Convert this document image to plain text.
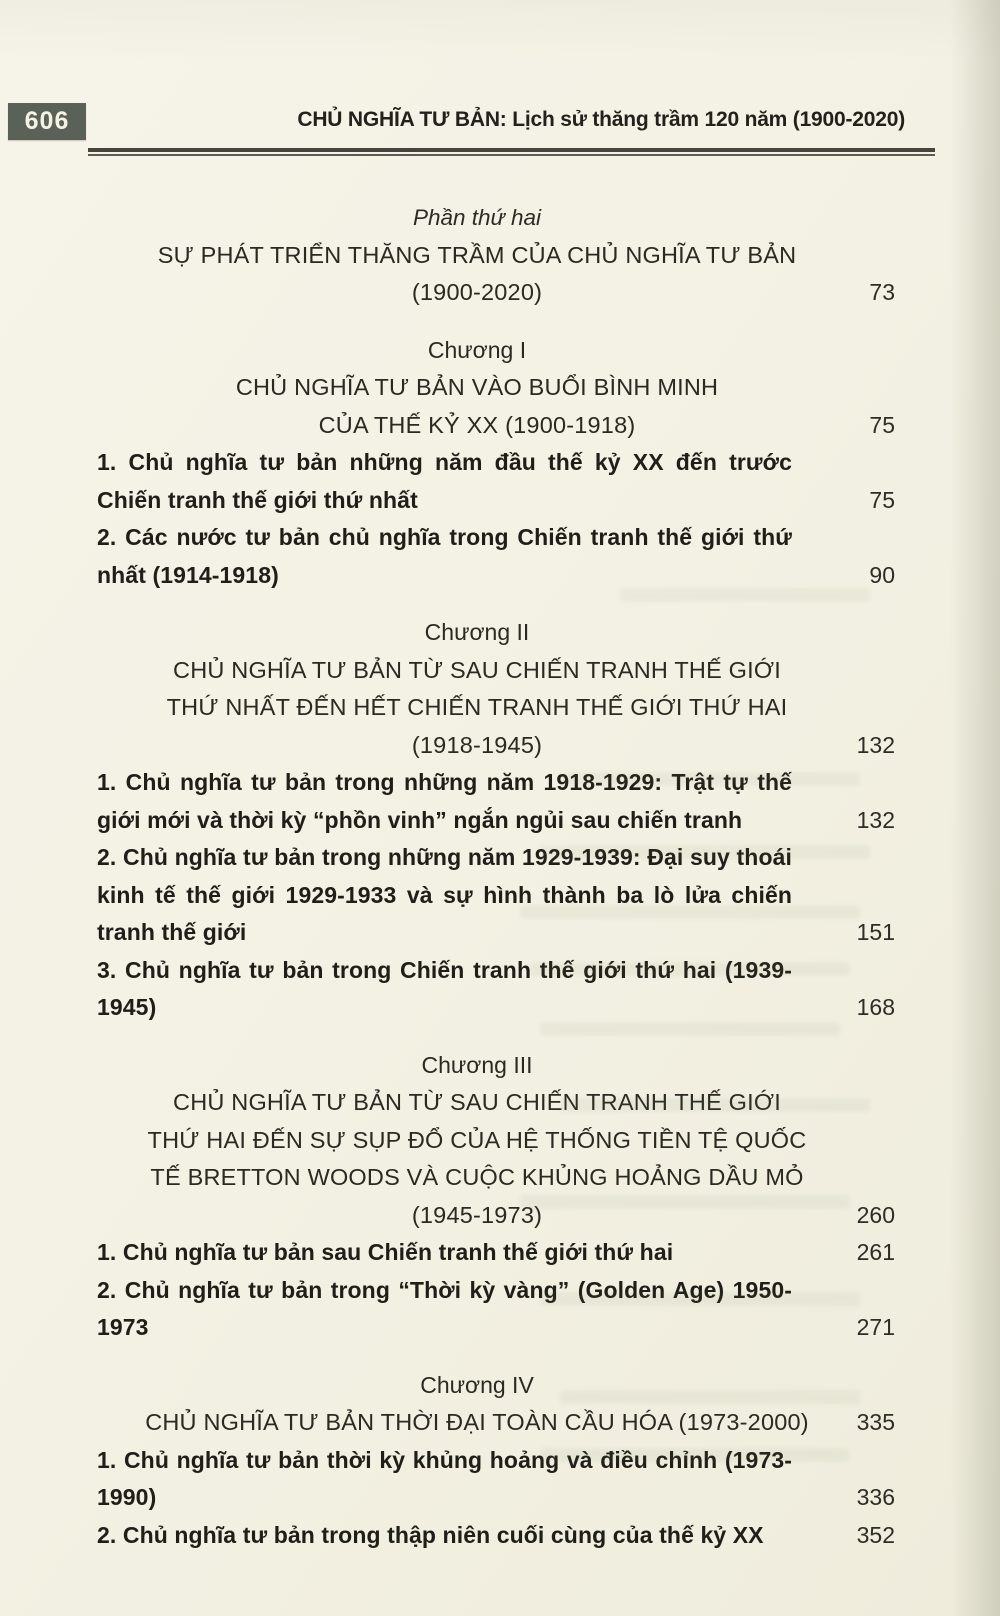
606	CHỦ NGHĨA TƯ BẢN: Lịch sử thăng trầm 120 năm (1900-2020)
Phần thứ hai
SỰ PHÁT TRIỂN THĂNG TRẦM CỦA CHỦ NGHĨA TƯ BẢN
(1900-2020)	73
Chương I
CHỦ NGHĨA TƯ BẢN VÀO BUỔI BÌNH MINH
CỦA THẾ KỶ XX (1900-1918)	75
1. Chủ nghĩa tư bản những năm đầu thế kỷ XX đến trước Chiến tranh thế giới thứ nhất	75
2. Các nước tư bản chủ nghĩa trong Chiến tranh thế giới thứ nhất (1914-1918)	90
Chương II
CHỦ NGHĨA TƯ BẢN TỪ SAU CHIẾN TRANH THẾ GIỚI
THỨ NHẤT ĐẾN HẾT CHIẾN TRANH THẾ GIỚI THỨ HAI
(1918-1945)	132
1. Chủ nghĩa tư bản trong những năm 1918-1929: Trật tự thế giới mới và thời kỳ “phồn vinh” ngắn ngủi sau chiến tranh	132
2. Chủ nghĩa tư bản trong những năm 1929-1939: Đại suy thoái kinh tế thế giới 1929-1933 và sự hình thành ba lò lửa chiến tranh thế giới	151
3. Chủ nghĩa tư bản trong Chiến tranh thế giới thứ hai (1939-1945)	168
Chương III
CHỦ NGHĨA TƯ BẢN TỪ SAU CHIẾN TRANH THẾ GIỚI
THỨ HAI ĐẾN SỰ SỤP ĐỔ CỦA HỆ THỐNG TIỀN TỆ QUỐC
TẾ BRETTON WOODS VÀ CUỘC KHỦNG HOẢNG DẦU MỎ
(1945-1973)	260
1. Chủ nghĩa tư bản sau Chiến tranh thế giới thứ hai	261
2. Chủ nghĩa tư bản trong “Thời kỳ vàng” (Golden Age) 1950-1973	271
Chương IV
CHỦ NGHĨA TƯ BẢN THỜI ĐẠI TOÀN CẦU HÓA (1973-2000)	335
1. Chủ nghĩa tư bản thời kỳ khủng hoảng và điều chỉnh (1973-1990)	336
2. Chủ nghĩa tư bản trong thập niên cuối cùng của thế kỷ XX	352
